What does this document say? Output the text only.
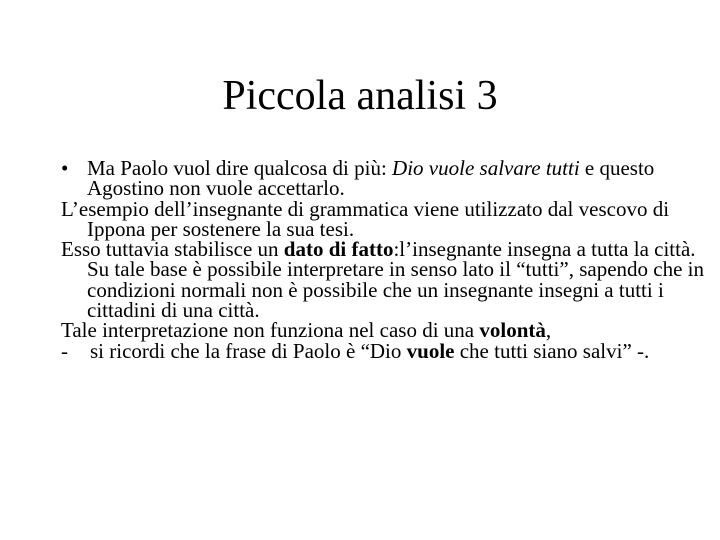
Piccola analisi 3

• Ma Paolo vuol dire qualcosa di più: Dio vuole salvare tutti e questo Agostino non vuole accettarlo.

L’esempio dell’insegnante di grammatica viene utilizzato dal vescovo di Ippona per sostenere la sua tesi.

Esso tuttavia stabilisce un dato di fatto:l’insegnante insegna a tutta la città. Su tale base è possibile interpretare in senso lato il “tutti”, sapendo che in condizioni normali non è possibile che un insegnante insegni a tutti i cittadini di una città.

Tale interpretazione non funziona nel caso di una volontà,

- si ricordi che la frase di Paolo è “Dio vuole che tutti siano salvi” -.
